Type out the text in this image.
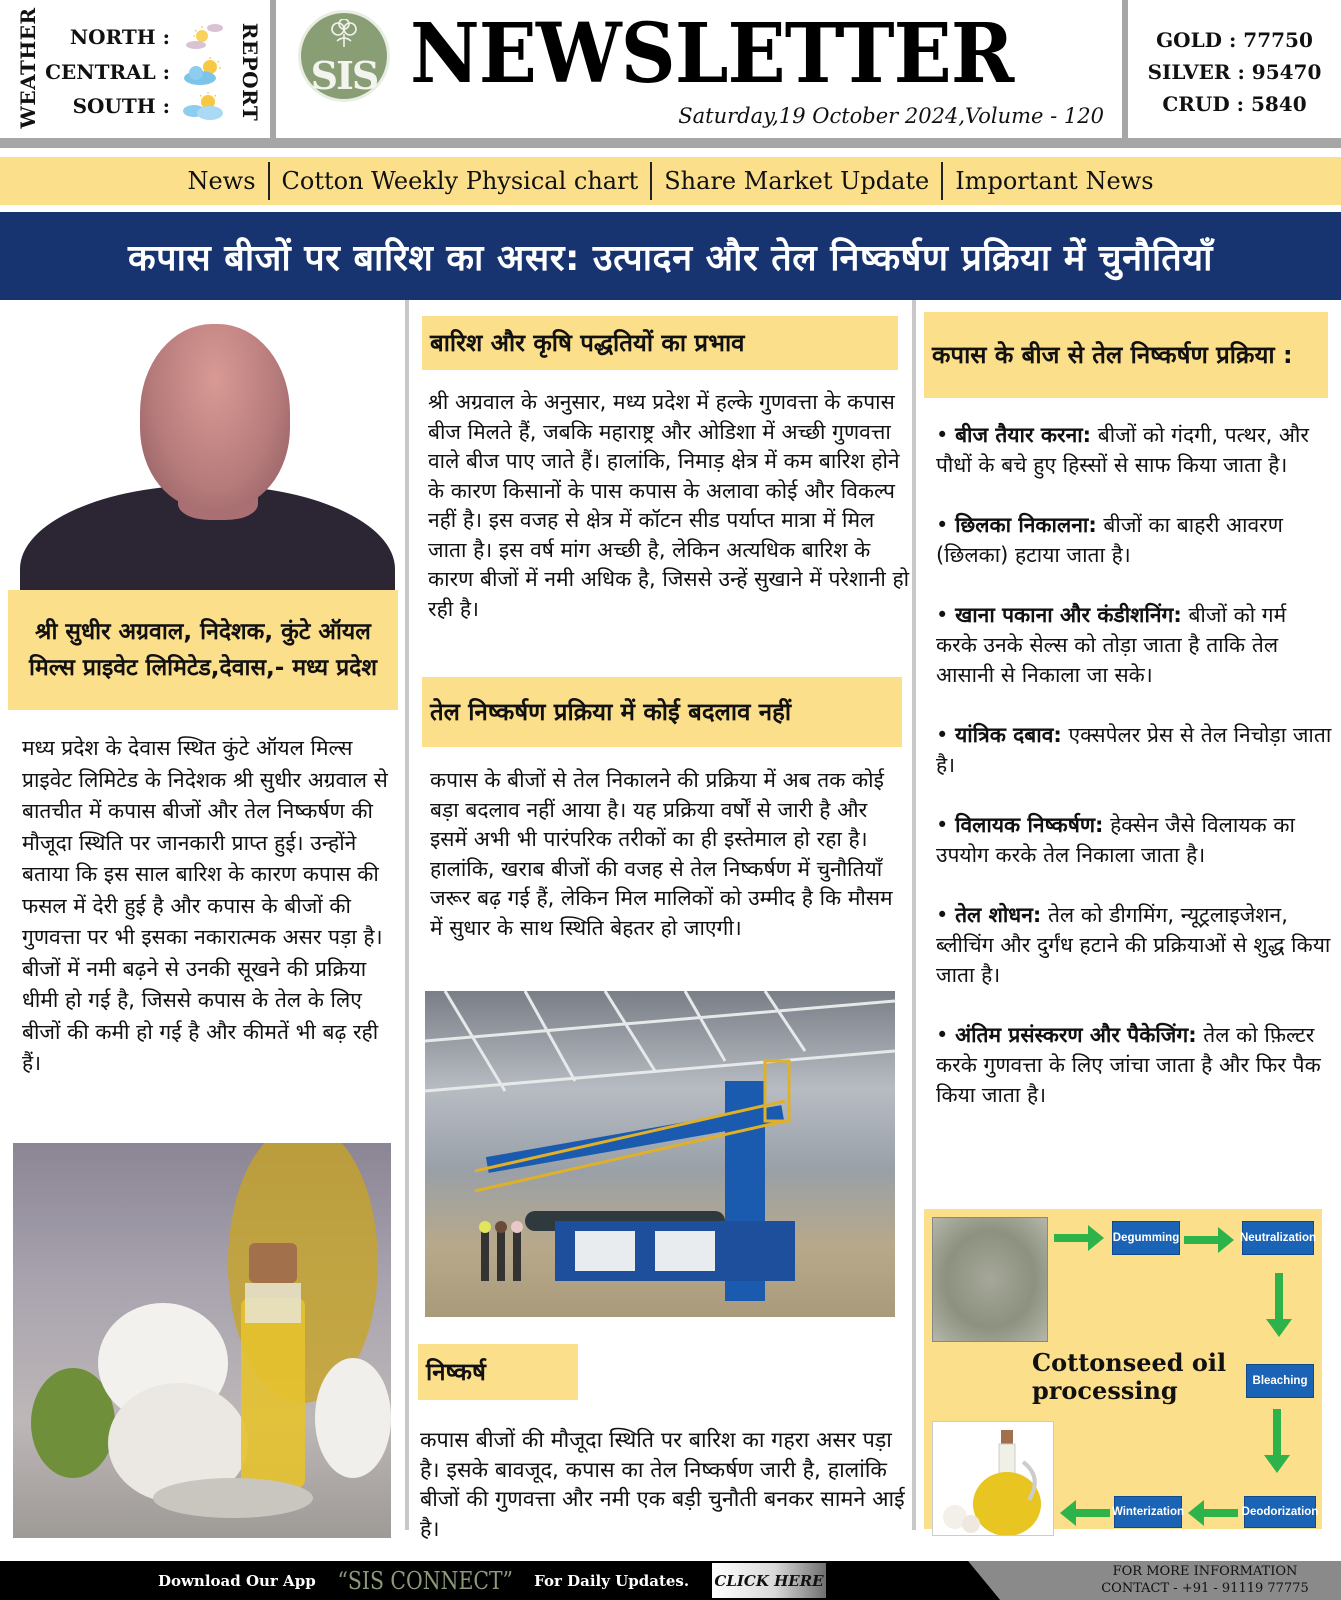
WEATHER	NORTH :
CENTRAL :
SOUTH :	REPORT SIS NEWSLETTER
Saturday,19 October 2024,Volume - 120
GOLD : 77750
SILVER : 95470
CRUD : 5840
News	Cotton Weekly Physical chart	Share Market Update	Important News
कपास बीजों पर बारिश का असर: उत्पादन और तेल निष्कर्षण प्रक्रिया में चुनौतियाँ
श्री सुधीर अग्रवाल, निदेशक, कुंटे ऑयल मिल्स प्राइवेट लिमिटेड,देवास,- मध्य प्रदेश

मध्य प्रदेश के देवास स्थित कुंटे ऑयल मिल्स प्राइवेट लिमिटेड के निदेशक श्री सुधीर अग्रवाल से बातचीत में कपास बीजों और तेल निष्कर्षण की मौजूदा स्थिति पर जानकारी प्राप्त हुई। उन्होंने बताया कि इस साल बारिश के कारण कपास की फसल में देरी हुई है और कपास के बीजों की गुणवत्ता पर भी इसका नकारात्मक असर पड़ा है। बीजों में नमी बढ़ने से उनकी सूखने की प्रक्रिया धीमी हो गई है, जिससे कपास के तेल के लिए बीजों की कमी हो गई है और कीमतें भी बढ़ रही हैं।

बारिश और कृषि पद्धतियों का प्रभाव

श्री अग्रवाल के अनुसार, मध्य प्रदेश में हल्के गुणवत्ता के कपास बीज मिलते हैं, जबकि महाराष्ट्र और ओडिशा में अच्छी गुणवत्ता वाले बीज पाए जाते हैं। हालांकि, निमाड़ क्षेत्र में कम बारिश होने के कारण किसानों के पास कपास के अलावा कोई और विकल्प नहीं है। इस वजह से क्षेत्र में कॉटन सीड पर्याप्त मात्रा में मिल जाता है। इस वर्ष मांग अच्छी है, लेकिन अत्यधिक बारिश के कारण बीजों में नमी अधिक है, जिससे उन्हें सुखाने में परेशानी हो रही है।

तेल निष्कर्षण प्रक्रिया में कोई बदलाव नहीं

कपास के बीजों से तेल निकालने की प्रक्रिया में अब तक कोई बड़ा बदलाव नहीं आया है। यह प्रक्रिया वर्षों से जारी है और इसमें अभी भी पारंपरिक तरीकों का ही इस्तेमाल हो रहा है। हालांकि, खराब बीजों की वजह से तेल निष्कर्षण में चुनौतियाँ जरूर बढ़ गई हैं, लेकिन मिल मालिकों को उम्मीद है कि मौसम में सुधार के साथ स्थिति बेहतर हो जाएगी।

निष्कर्ष

कपास बीजों की मौजूदा स्थिति पर बारिश का गहरा असर पड़ा है। इसके बावजूद, कपास का तेल निष्कर्षण जारी है, हालांकि बीजों की गुणवत्ता और नमी एक बड़ी चुनौती बनकर सामने आई है।

कपास के बीज से तेल निष्कर्षण प्रक्रिया :

• बीज तैयार करना: बीजों को गंदगी, पत्थर, और पौधों के बचे हुए हिस्सों से साफ किया जाता है।

• छिलका निकालना: बीजों का बाहरी आवरण (छिलका) हटाया जाता है।

• खाना पकाना और कंडीशनिंग: बीजों को गर्म करके उनके सेल्स को तोड़ा जाता है ताकि तेल आसानी से निकाला जा सके।

• यांत्रिक दबाव: एक्सपेलर प्रेस से तेल निचोड़ा जाता है।

• विलायक निष्कर्षण: हेक्सेन जैसे विलायक का उपयोग करके तेल निकाला जाता है।

• तेल शोधन: तेल को डीगमिंग, न्यूट्रलाइजेशन, ब्लीचिंग और दुर्गंध हटाने की प्रक्रियाओं से शुद्ध किया जाता है।

• अंतिम प्रसंस्करण और पैकेजिंग: तेल को फ़िल्टर करके गुणवत्ता के लिए जांचा जाता है और फिर पैक किया जाता है।

Cottonseed oil
processing
Degumming	Neutralization
Bleaching
Deodorization
Winterization
Download Our App “SIS CONNECT” For Daily Updates. CLICK HERE	FOR MORE INFORMATION
CONTACT - +91 - 91119 77775
